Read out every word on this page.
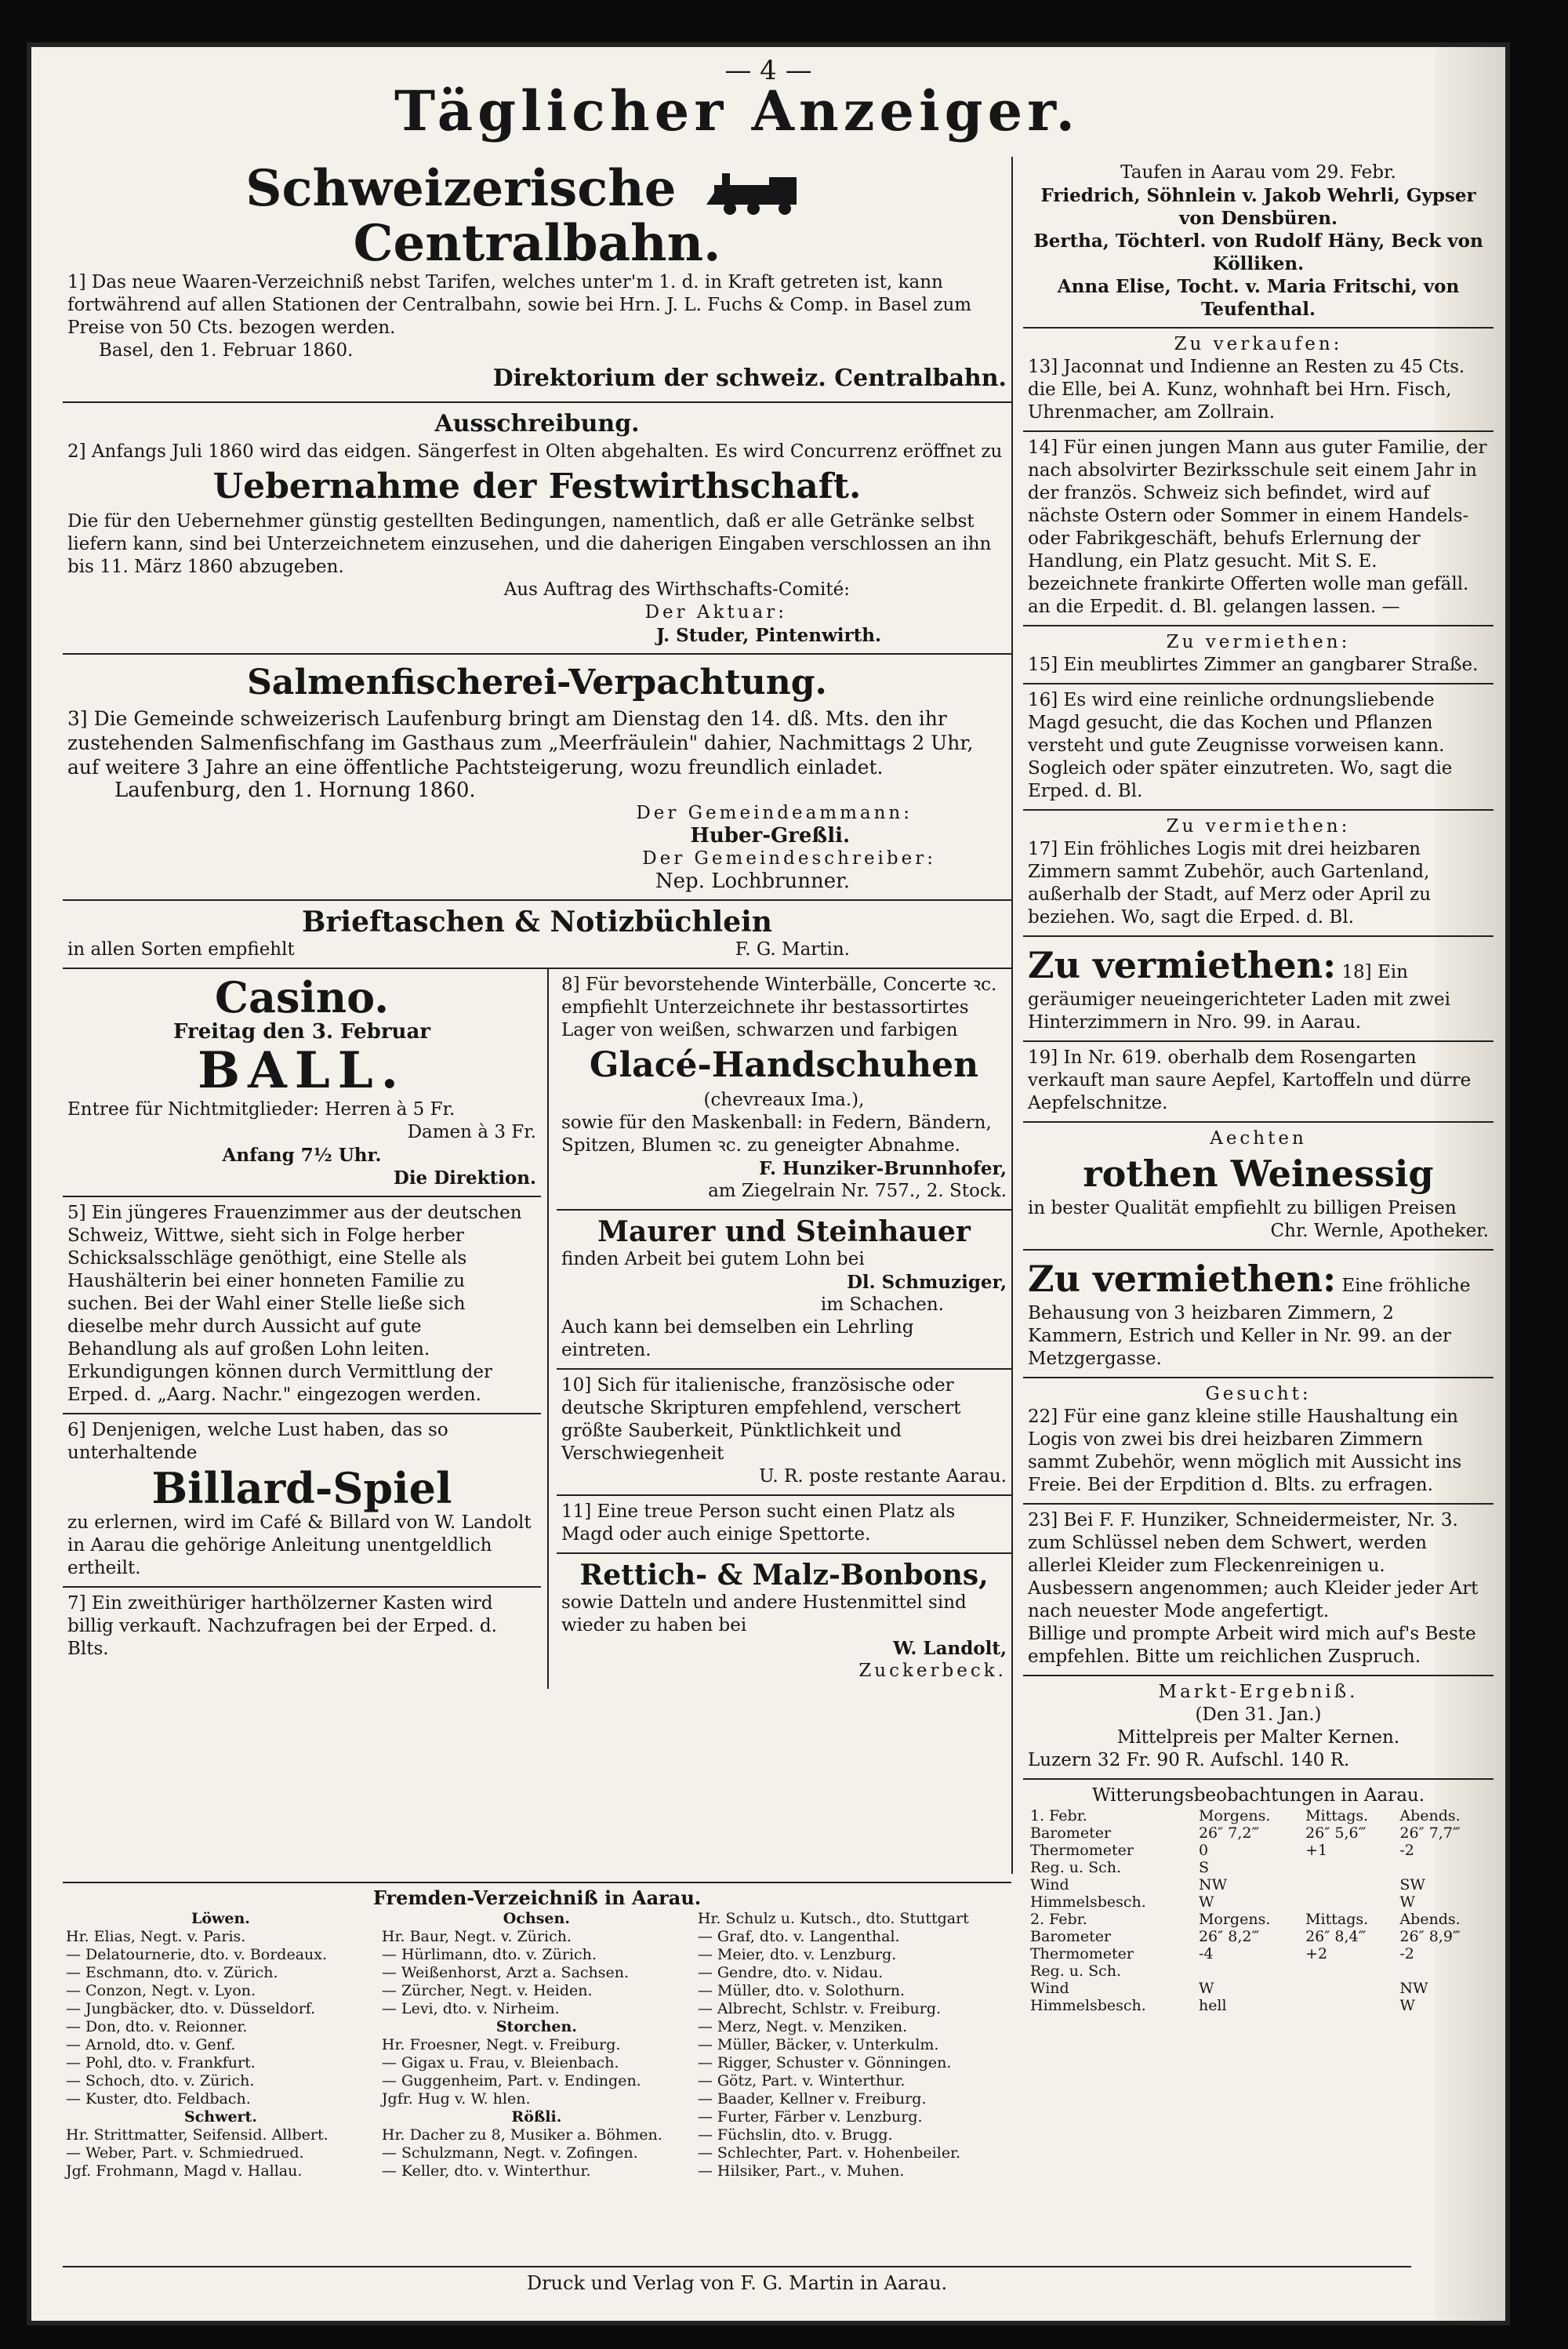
— 4 —
Täglicher Anzeiger.
Schweizerische  Centralbahn.
1] Das neue Waaren-Verzeichniß nebst Tarifen, welches unter'm 1. d. in Kraft getreten ist, kann fortwährend auf allen Stationen der Centralbahn, sowie bei Hrn. J. L. Fuchs & Comp. in Basel zum Preise von 50 Cts. bezogen werden.
Basel, den 1. Februar 1860.
Direktorium der schweiz. Centralbahn.
Ausschreibung.
2] Anfangs Juli 1860 wird das eidgen. Sängerfest in Olten abgehalten. Es wird Concurrenz eröffnet zu
Uebernahme der Festwirthschaft.
Die für den Uebernehmer günstig gestellten Bedingungen, namentlich, daß er alle Getränke selbst liefern kann, sind bei Unterzeichnetem einzusehen, und die daherigen Eingaben verschlossen an ihn bis 11. März 1860 abzugeben.
Aus Auftrag des Wirthschafts-Comité:
Der Aktuar:
J. Studer, Pintenwirth.
Salmenfischerei-Verpachtung.
3] Die Gemeinde schweizerisch Laufenburg bringt am Dienstag den 14. dß. Mts. den ihr zustehenden Salmenfischfang im Gasthaus zum „Meerfräulein" dahier, Nachmittags 2 Uhr, auf weitere 3 Jahre an eine öffentliche Pachtsteigerung, wozu freundlich einladet.
Laufenburg, den 1. Hornung 1860.
Der Gemeindeammann:
Huber-Greßli.
Der Gemeindeschreiber:
Nep. Lochbrunner.
Brieftaschen & Notizbüchlein
in allen Sorten empfiehlt	F. G. Martin.
Casino.
Freitag den 3. Februar
BALL.
Entree für Nichtmitglieder: Herren à 5 Fr.
Damen à 3 Fr.
Anfang 7½ Uhr.
Die Direktion.
5] Ein jüngeres Frauenzimmer aus der deutschen Schweiz, Wittwe, sieht sich in Folge herber Schicksalsschläge genöthigt, eine Stelle als Haushälterin bei einer honneten Familie zu suchen. Bei der Wahl einer Stelle ließe sich dieselbe mehr durch Aussicht auf gute Behandlung als auf großen Lohn leiten. Erkundigungen können durch Vermittlung der Erped. d. „Aarg. Nachr." eingezogen werden.
6] Denjenigen, welche Lust haben, das so unterhaltende
Billard-Spiel
zu erlernen, wird im Café & Billard von W. Landolt in Aarau die gehörige Anleitung unentgeldlich ertheilt.
7] Ein zweithüriger harthölzerner Kasten wird billig verkauft. Nachzufragen bei der Erped. d. Blts.
8] Für bevorstehende Winterbälle, Concerte ꝛc. empfiehlt Unterzeichnete ihr bestassortirtes Lager von weißen, schwarzen und farbigen
Glacé-Handschuhen
(chevreaux Ima.),
sowie für den Maskenball: in Federn, Bändern, Spitzen, Blumen ꝛc. zu geneigter Abnahme.
F. Hunziker-Brunnhofer,
am Ziegelrain Nr. 757., 2. Stock.
Maurer und Steinhauer
finden Arbeit bei gutem Lohn bei
Dl. Schmuziger,
im Schachen.
Auch kann bei demselben ein Lehrling eintreten.
10] Sich für italienische, französische oder deutsche Skripturen empfehlend, verschert größte Sauberkeit, Pünktlichkeit und Verschwiegenheit
U. R. poste restante Aarau.
11] Eine treue Person sucht einen Platz als Magd oder auch einige Spettorte.
Rettich- & Malz-Bonbons,
sowie Datteln und andere Hustenmittel sind wieder zu haben bei
W. Landolt,
Zuckerbeck.
Fremden-Verzeichniß in Aarau.
Löwen.
Hr. Elias, Negt. v. Paris.
— Delatournerie, dto. v. Bordeaux.
— Eschmann, dto. v. Zürich.
— Conzon, Negt. v. Lyon.
— Jungbäcker, dto. v. Düsseldorf.
— Don, dto. v. Reionner.
— Arnold, dto. v. Genf.
— Pohl, dto. v. Frankfurt.
— Schoch, dto. v. Zürich.
— Kuster, dto. Feldbach.
Schwert.
Hr. Strittmatter, Seifensid. Allbert.
— Weber, Part. v. Schmiedrued.
Jgf. Frohmann, Magd v. Hallau.
Ochsen.
Hr. Baur, Negt. v. Zürich.
— Hürlimann, dto. v. Zürich.
— Weißenhorst, Arzt a. Sachsen.
— Zürcher, Negt. v. Heiden.
— Levi, dto. v. Nirheim.
Storchen.
Hr. Froesner, Negt. v. Freiburg.
— Gigax u. Frau, v. Bleienbach.
— Guggenheim, Part. v. Endingen.
Jgfr. Hug v. W. hlen.
Rößli.
Hr. Dacher zu 8, Musiker a. Böhmen.
— Schulzmann, Negt. v. Zofingen.
— Keller, dto. v. Winterthur.
Hr. Schulz u. Kutsch., dto. Stuttgart
— Graf, dto. v. Langenthal.
— Meier, dto. v. Lenzburg.
— Gendre, dto. v. Nidau.
— Müller, dto. v. Solothurn.
— Albrecht, Schlstr. v. Freiburg.
— Merz, Negt. v. Menziken.
— Müller, Bäcker, v. Unterkulm.
— Rigger, Schuster v. Gönningen.
— Götz, Part. v. Winterthur.
— Baader, Kellner v. Freiburg.
— Furter, Färber v. Lenzburg.
— Füchslin, dto. v. Brugg.
— Schlechter, Part. v. Hohenbeiler.
— Hilsiker, Part., v. Muhen.
Taufen in Aarau vom 29. Febr.
Friedrich, Söhnlein v. Jakob Wehrli, Gypser von Densbüren.
Bertha, Töchterl. von Rudolf Häny, Beck von Kölliken.
Anna Elise, Tocht. v. Maria Fritschi, von Teufenthal.
Zu verkaufen:
13] Jaconnat und Indienne an Resten zu 45 Cts. die Elle, bei A. Kunz, wohnhaft bei Hrn. Fisch, Uhrenmacher, am Zollrain.
14] Für einen jungen Mann aus guter Familie, der nach absolvirter Bezirksschule seit einem Jahr in der französ. Schweiz sich befindet, wird auf nächste Ostern oder Sommer in einem Handels- oder Fabrikgeschäft, behufs Erlernung der Handlung, ein Platz gesucht. Mit S. E. bezeichnete frankirte Offerten wolle man gefäll. an die Erpedit. d. Bl. gelangen lassen. —
Zu vermiethen:
15] Ein meublirtes Zimmer an gangbarer Straße.
16] Es wird eine reinliche ordnungsliebende Magd gesucht, die das Kochen und Pflanzen versteht und gute Zeugnisse vorweisen kann. Sogleich oder später einzutreten. Wo, sagt die Erped. d. Bl.
Zu vermiethen:
17] Ein fröhliches Logis mit drei heizbaren Zimmern sammt Zubehör, auch Gartenland, außerhalb der Stadt, auf Merz oder April zu beziehen. Wo, sagt die Erped. d. Bl.
Zu vermiethen: 18] Ein geräumiger neueingerichteter Laden mit zwei Hinterzimmern in Nro. 99. in Aarau.
19] In Nr. 619. oberhalb dem Rosengarten verkauft man saure Aepfel, Kartoffeln und dürre Aepfelschnitze.
Aechten
rothen Weinessig
in bester Qualität empfiehlt zu billigen Preisen
Chr. Wernle, Apotheker.
Zu vermiethen: Eine fröhliche Behausung von 3 heizbaren Zimmern, 2 Kammern, Estrich und Keller in Nr. 99. an der Metzgergasse.
Gesucht:
22] Für eine ganz kleine stille Haushaltung ein Logis von zwei bis drei heizbaren Zimmern sammt Zubehör, wenn möglich mit Aussicht ins Freie. Bei der Erpdition d. Blts. zu erfragen.
23] Bei F. F. Hunziker, Schneidermeister, Nr. 3. zum Schlüssel neben dem Schwert, werden allerlei Kleider zum Fleckenreinigen u. Ausbessern angenommen; auch Kleider jeder Art nach neuester Mode angefertigt.
Billige und prompte Arbeit wird mich auf's Beste empfehlen. Bitte um reichlichen Zuspruch.
Markt-Ergebniß.
(Den 31. Jan.)
Mittelpreis per Malter Kernen.
Luzern 32 Fr. 90 R. Aufschl. 140 R.
Witterungsbeobachtungen in Aarau.
1. Febr.	Morgens.	Mittags.	Abends.
Barometer	26″ 7,2‴	26″ 5,6‴	26″ 7,7‴
Thermometer	0	+1	-2
Reg. u. Sch.	S		
Wind	NW		SW
Himmelsbesch.	W		W
2. Febr.	Morgens.	Mittags.	Abends.
Barometer	26″ 8,2‴	26″ 8,4‴	26″ 8,9‴
Thermometer	-4	+2	-2
Reg. u. Sch.			
Wind	W		NW
Himmelsbesch.	hell		W
Druck und Verlag von F. G. Martin in Aarau.
